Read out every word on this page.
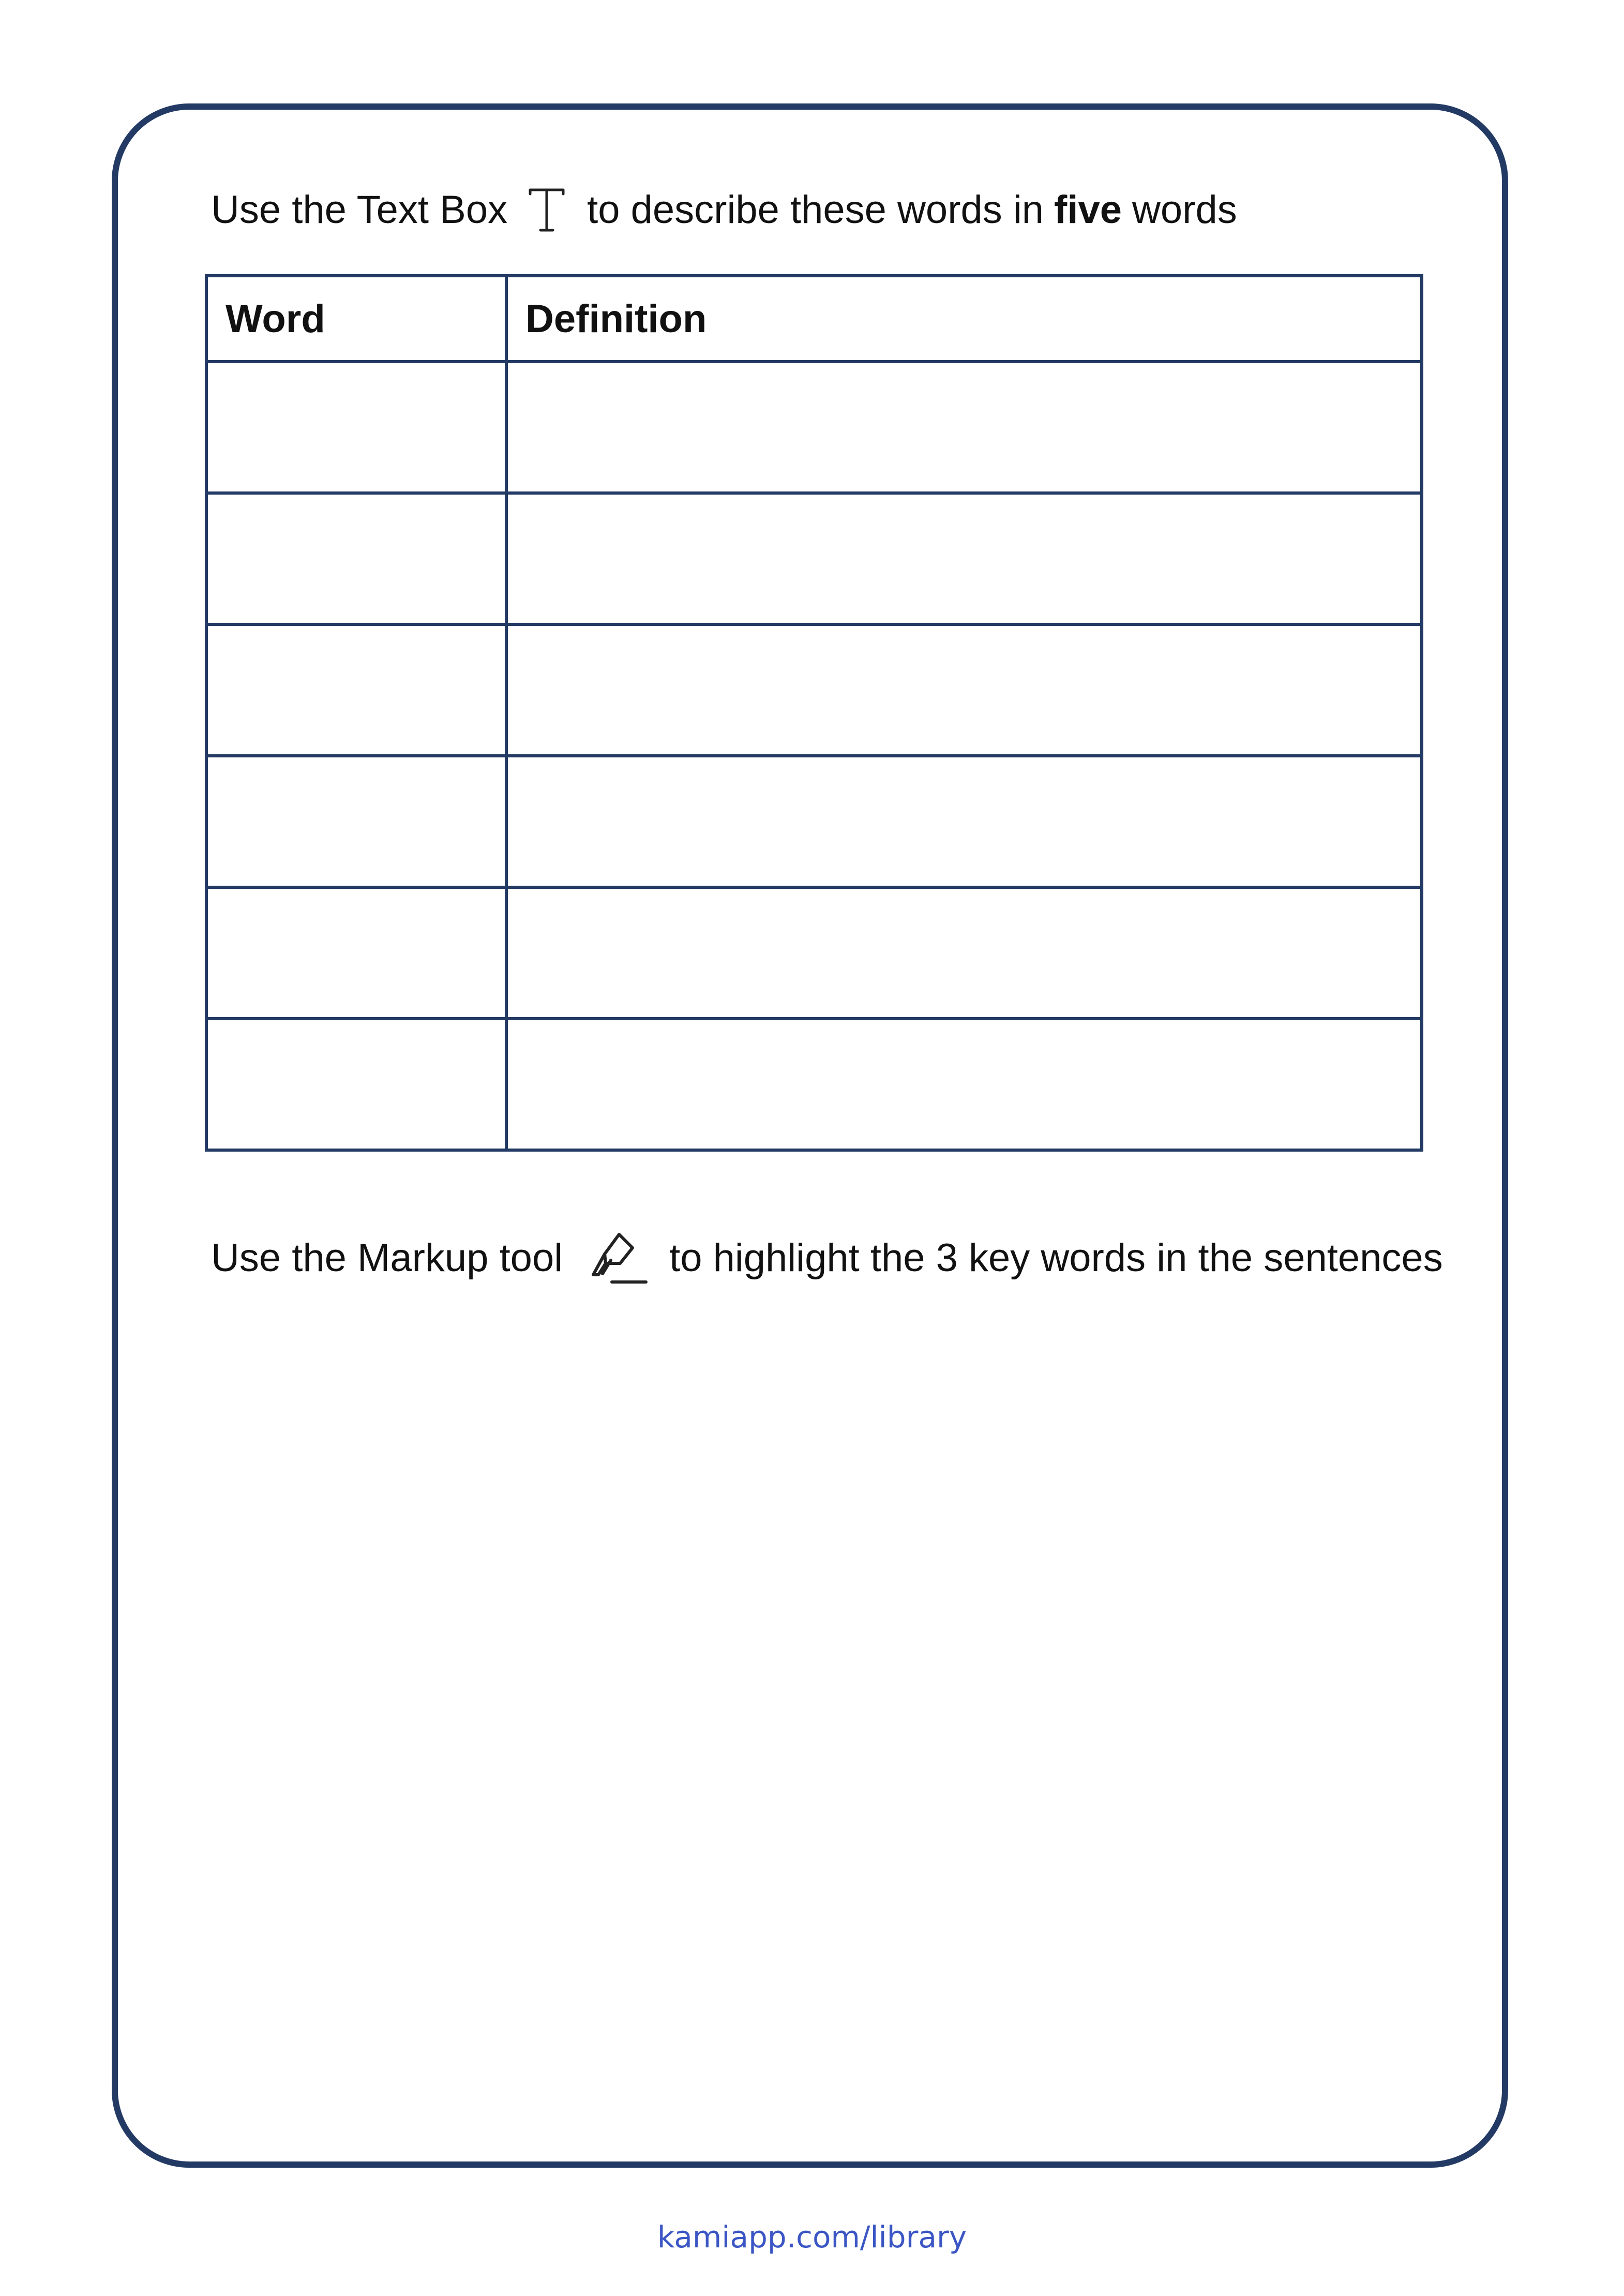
Use the Text Box to describe these words in five words
Word	Definition

Use the Markup tool	to highlight the 3 key words in the sentences
kamiapp.com/library
